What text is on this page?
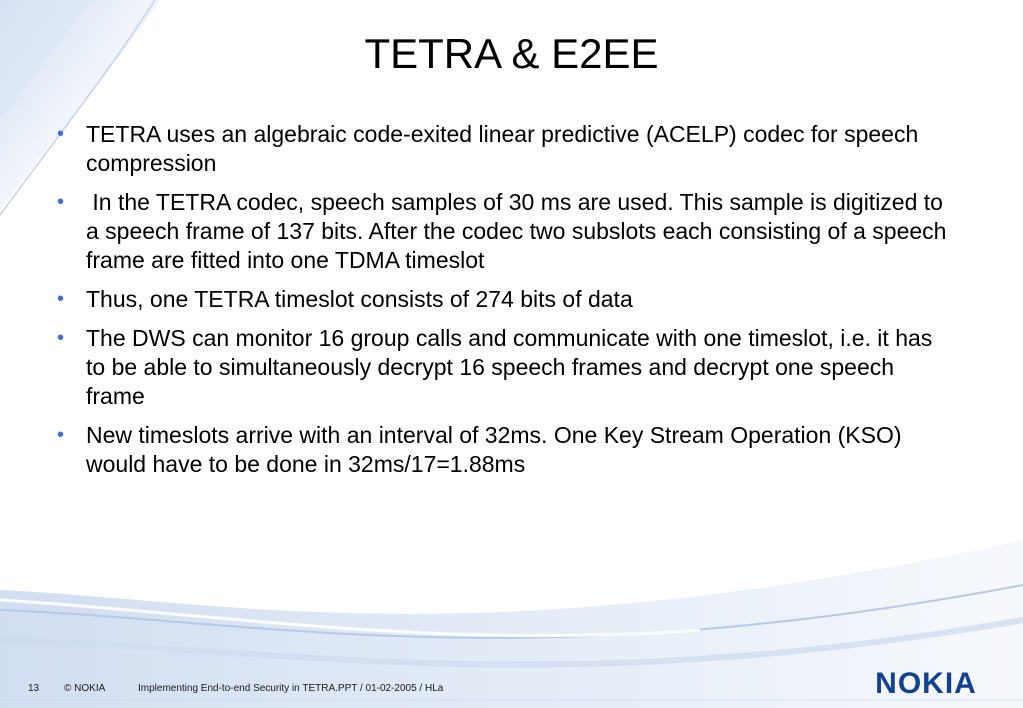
TETRA & E2EE
• TETRA uses an algebraic code-exited linear predictive (ACELP) codec for speech compression
• In the TETRA codec, speech samples of 30 ms are used. This sample is digitized to a speech frame of 137 bits. After the codec two subslots each consisting of a speech frame are fitted into one TDMA timeslot
• Thus, one TETRA timeslot consists of 274 bits of data
• The DWS can monitor 16 group calls and communicate with one timeslot, i.e. it has to be able to simultaneously decrypt 16 speech frames and decrypt one speech frame
• New timeslots arrive with an interval of 32ms. One Key Stream Operation (KSO) would have to be done in 32ms/17=1.88ms
13 © NOKIA	Implementing End-to-end Security in TETRA.PPT / 01-02-2005 / HLa	NOKIA
